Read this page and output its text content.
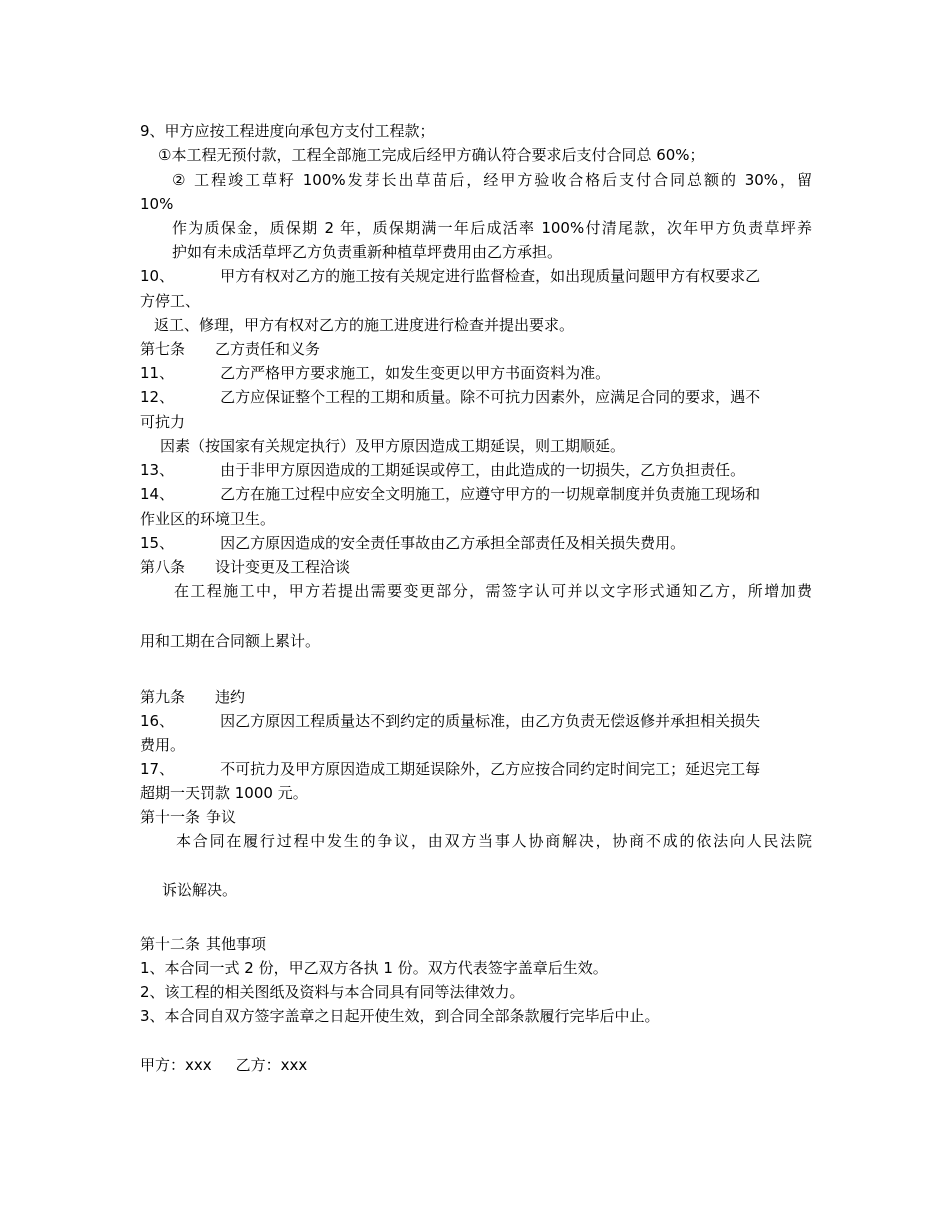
9、甲方应按工程进度向承包方支付工程款；
①本工程无预付款，工程全部施工完成后经甲方确认符合要求后支付合同总 60%；
② 工程竣工草籽 100%发芽长出草苗后，经甲方验收合格后支付合同总额的 30%，留
10%
作为质保金，质保期 2 年，质保期满一年后成活率 100%付清尾款，次年甲方负责草坪养
护如有未成活草坪乙方负责重新种植草坪费用由乙方承担。
10、	甲方有权对乙方的施工按有关规定进行监督检查，如出现质量问题甲方有权要求乙
方停工、
返工、修理，甲方有权对乙方的施工进度进行检查并提出要求。
第七条 乙方责任和义务
11、	乙方严格甲方要求施工，如发生变更以甲方书面资料为准。
12、	乙方应保证整个工程的工期和质量。除不可抗力因素外，应满足合同的要求，遇不
可抗力
因素（按国家有关规定执行）及甲方原因造成工期延误，则工期顺延。
13、	由于非甲方原因造成的工期延误或停工，由此造成的一切损失，乙方负担责任。
14、	乙方在施工过程中应安全文明施工，应遵守甲方的一切规章制度并负责施工现场和
作业区的环境卫生。
15、	因乙方原因造成的安全责任事故由乙方承担全部责任及相关损失费用。
第八条 设计变更及工程洽谈
在工程施工中，甲方若提出需要变更部分，需签字认可并以文字形式通知乙方，所增加费
用和工期在合同额上累计。
第九条 违约
16、	因乙方原因工程质量达不到约定的质量标准，由乙方负责无偿返修并承担相关损失
费用。
17、	不可抗力及甲方原因造成工期延误除外，乙方应按合同约定时间完工；延迟完工每
超期一天罚款 1000 元。
第十一条 争议
本合同在履行过程中发生的争议，由双方当事人协商解决，协商不成的依法向人民法院
诉讼解决。
第十二条 其他事项
1、本合同一式 2 份，甲乙双方各执 1 份。双方代表签字盖章后生效。
2、该工程的相关图纸及资料与本合同具有同等法律效力。
3、本合同自双方签字盖章之日起开使生效，到合同全部条款履行完毕后中止。
甲方：xxx 乙方：xxx
